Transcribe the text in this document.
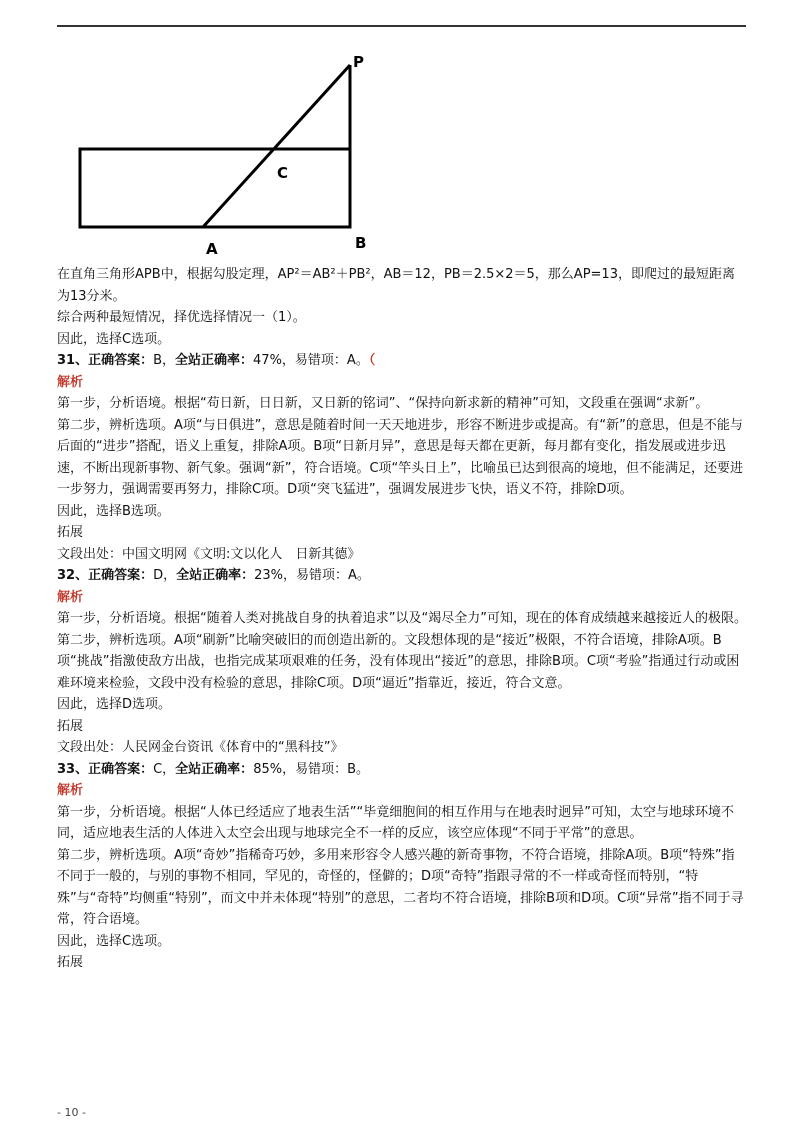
P
C
A	B

在直角三角形APB中，根据勾股定理，AP²＝AB²＋PB²，AB＝12，PB＝2.5×2＝5，那么AP=13，即爬过的最短距离为13分米。

综合两种最短情况，择优选择情况一（1）。

因此，选择C选项。

31、正确答案：B，全站正确率：47%，易错项：A。（

解析

第一步，分析语境。根据“苟日新，日日新，又日新的铭词”、“保持向新求新的精神”可知，文段重在强调“求新”。

第二步，辨析选项。A项“与日俱进”，意思是随着时间一天天地进步，形容不断进步或提高。有“新”的意思，但是不能与后面的“进步”搭配，语义上重复，排除A项。B项“日新月异”，意思是每天都在更新，每月都有变化，指发展或进步迅速，不断出现新事物、新气象。强调“新”，符合语境。C项“竿头日上”，比喻虽已达到很高的境地，但不能满足，还要进一步努力，强调需要再努力，排除C项。D项“突飞猛进”，强调发展进步飞快，语义不符，排除D项。

因此，选择B选项。

拓展

文段出处：中国文明网《文明:文以化人　日新其德》

32、正确答案：D，全站正确率：23%，易错项：A。

解析

第一步，分析语境。根据“随着人类对挑战自身的执着追求”以及“竭尽全力”可知，现在的体育成绩越来越接近人的极限。

第二步，辨析选项。A项“刷新”比喻突破旧的而创造出新的。文段想体现的是“接近”极限，不符合语境，排除A项。B项“挑战”指激使敌方出战，也指完成某项艰难的任务，没有体现出“接近”的意思，排除B项。C项“考验”指通过行动或困难环境来检验，文段中没有检验的意思，排除C项。D项“逼近”指靠近，接近，符合文意。

因此，选择D选项。

拓展

文段出处：人民网金台资讯《体育中的“黑科技”》

33、正确答案：C，全站正确率：85%，易错项：B。

解析

第一步，分析语境。根据“人体已经适应了地表生活”“毕竟细胞间的相互作用与在地表时迥异”可知，太空与地球环境不同，适应地表生活的人体进入太空会出现与地球完全不一样的反应，该空应体现“不同于平常”的意思。

第二步，辨析选项。A项“奇妙”指稀奇巧妙，多用来形容令人感兴趣的新奇事物，不符合语境，排除A项。B项“特殊”指不同于一般的，与别的事物不相同，罕见的，奇怪的，怪僻的；D项“奇特”指跟寻常的不一样或奇怪而特别，“特殊”与“奇特”均侧重“特别”，而文中并未体现“特别”的意思，二者均不符合语境，排除B项和D项。C项“异常”指不同于寻常，符合语境。

因此，选择C选项。

拓展

- 10 -
